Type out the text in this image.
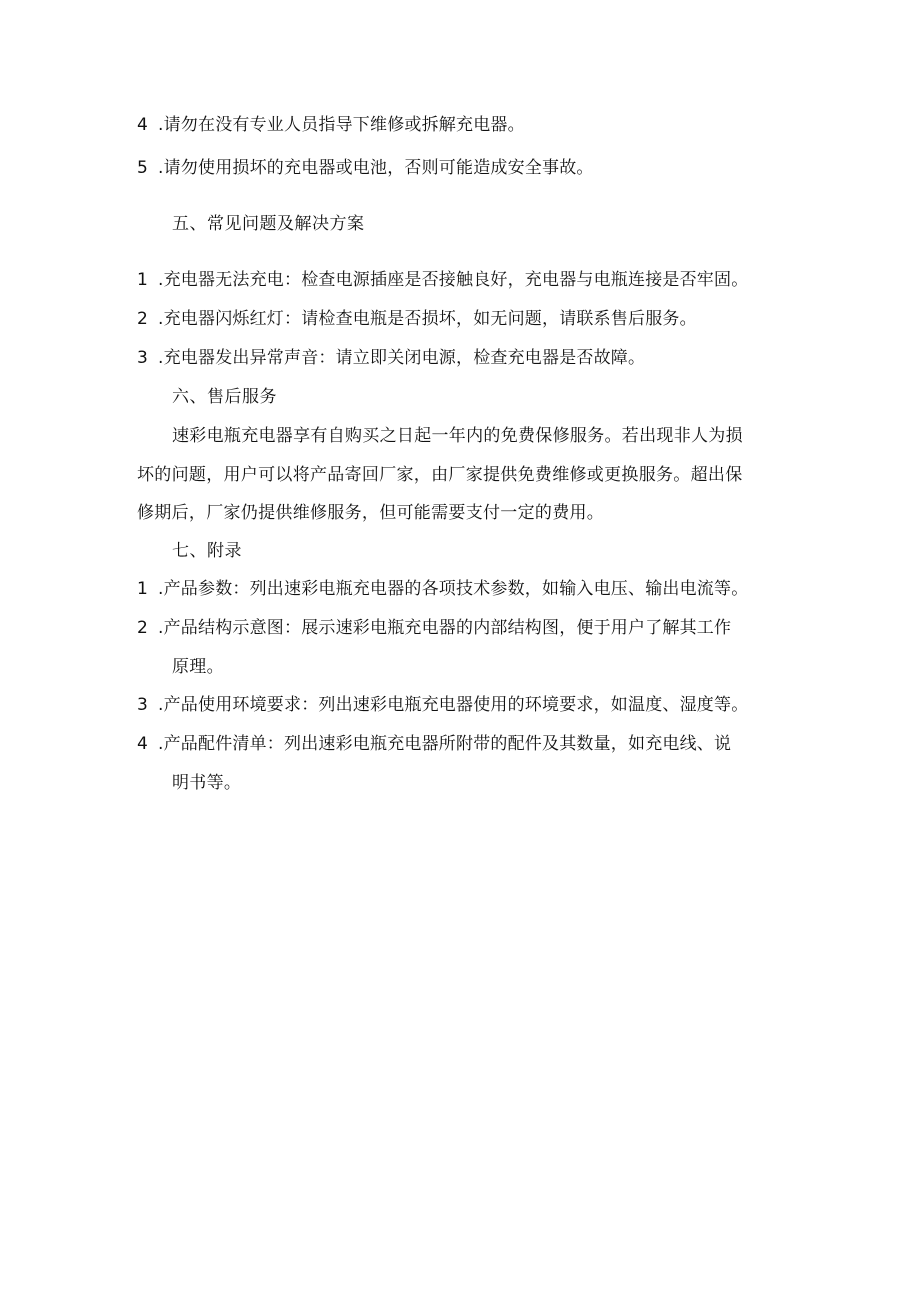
4 .请勿在没有专业人员指导下维修或拆解充电器。
5 .请勿使用损坏的充电器或电池，否则可能造成安全事故。
五、常见问题及解决方案
1 .充电器无法充电：检查电源插座是否接触良好，充电器与电瓶连接是否牢固。
2 .充电器闪烁红灯：请检查电瓶是否损坏，如无问题，请联系售后服务。
3 .充电器发出异常声音：请立即关闭电源，检查充电器是否故障。
六、售后服务
速彩电瓶充电器享有自购买之日起一年内的免费保修服务。若出现非人为损
坏的问题，用户可以将产品寄回厂家，由厂家提供免费维修或更换服务。超出保
修期后，厂家仍提供维修服务，但可能需要支付一定的费用。
七、附录
1 .产品参数：列出速彩电瓶充电器的各项技术参数，如输入电压、输出电流等。
2 .产品结构示意图：展示速彩电瓶充电器的内部结构图，便于用户了解其工作
原理。
3 .产品使用环境要求：列出速彩电瓶充电器使用的环境要求，如温度、湿度等。
4 .产品配件清单：列出速彩电瓶充电器所附带的配件及其数量，如充电线、说
明书等。
